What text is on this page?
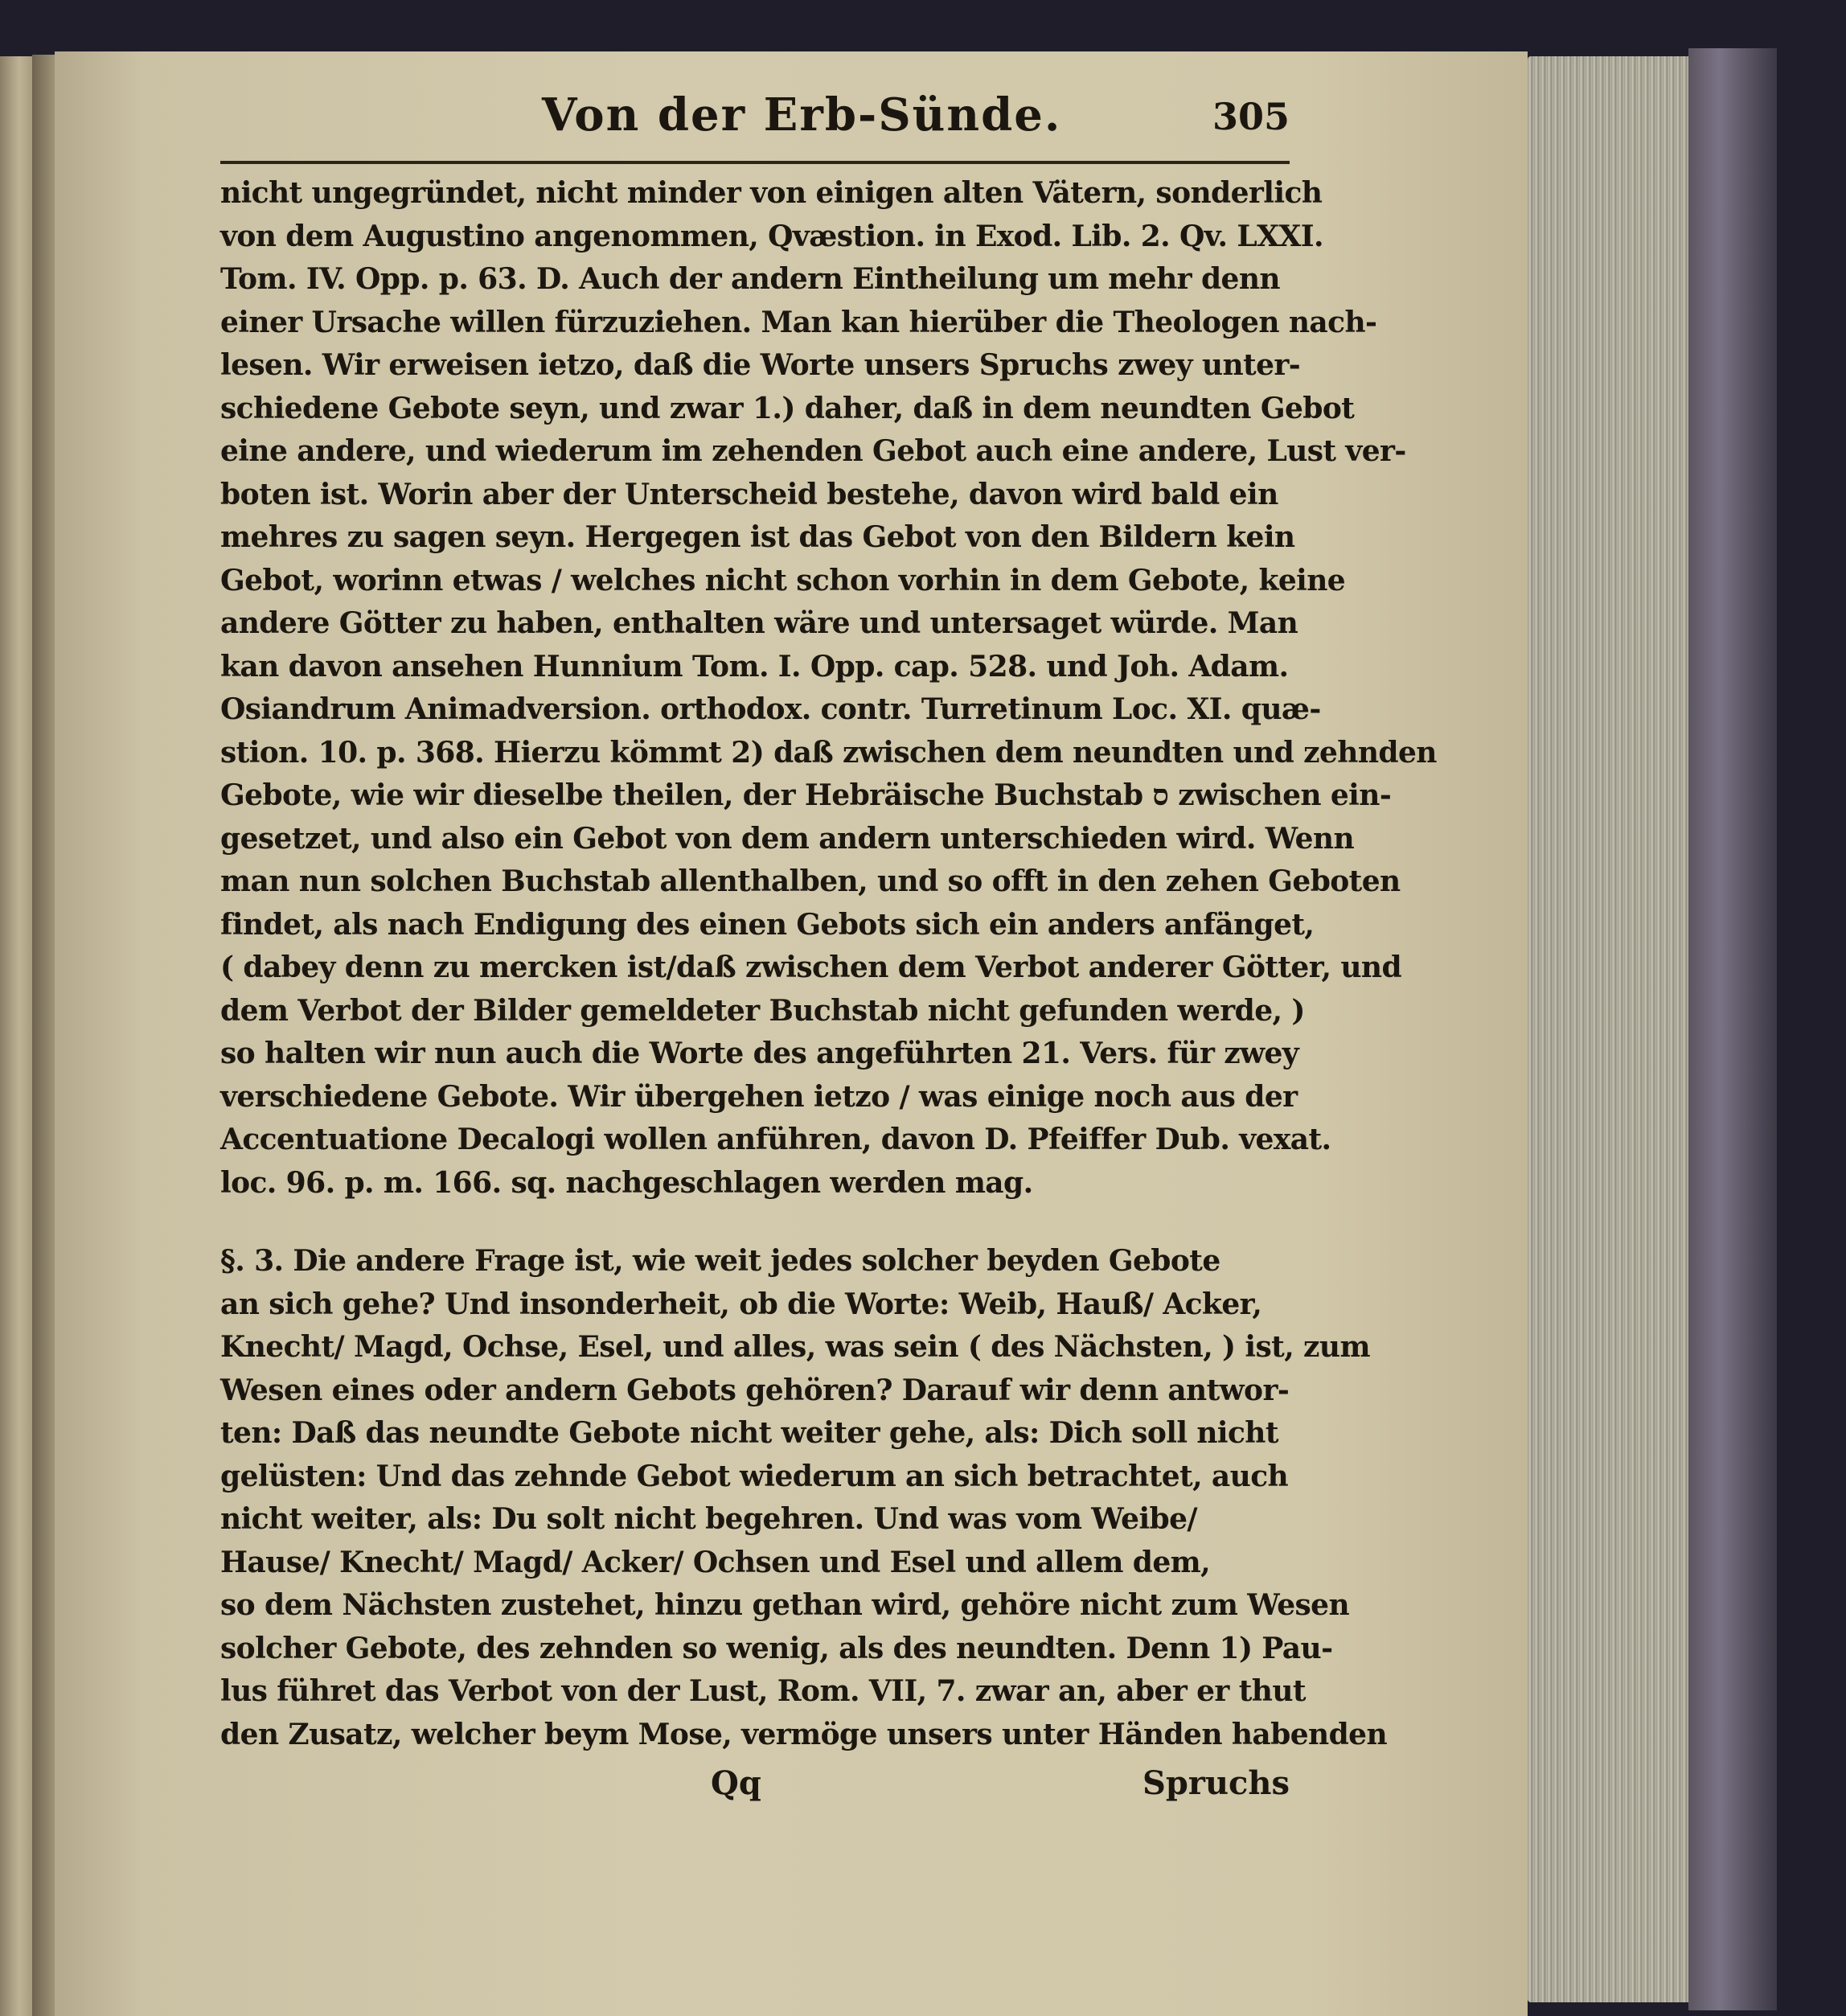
Von der Erb-Sünde.	305
nicht ungegründet, nicht minder von einigen alten Vätern, sonderlich
von dem Augustino angenommen, Qvæstion. in Exod. Lib. 2. Qv. LXXI.
Tom. IV. Opp. p. 63. D. Auch der andern Eintheilung um mehr denn
einer Ursache willen fürzuziehen. Man kan hierüber die Theologen nach-
lesen. Wir erweisen ietzo, daß die Worte unsers Spruchs zwey unter-
schiedene Gebote seyn, und zwar 1.) daher, daß in dem neundten Gebot
eine andere, und wiederum im zehenden Gebot auch eine andere, Lust ver-
boten ist. Worin aber der Unterscheid bestehe, davon wird bald ein
mehres zu sagen seyn. Hergegen ist das Gebot von den Bildern kein
Gebot, worinn etwas / welches nicht schon vorhin in dem Gebote, keine
andere Götter zu haben, enthalten wäre und untersaget würde. Man
kan davon ansehen Hunnium Tom. I. Opp. cap. 528. und Joh. Adam.
Osiandrum Animadversion. orthodox. contr. Turretinum Loc. XI. quæ-
stion. 10. p. 368. Hierzu kömmt 2) daß zwischen dem neundten und zehnden
Gebote, wie wir dieselbe theilen, der Hebräische Buchstab ס zwischen ein-
gesetzet, und also ein Gebot von dem andern unterschieden wird. Wenn
man nun solchen Buchstab allenthalben, und so offt in den zehen Geboten
findet, als nach Endigung des einen Gebots sich ein anders anfänget,
( dabey denn zu mercken ist/daß zwischen dem Verbot anderer Götter, und
dem Verbot der Bilder gemeldeter Buchstab nicht gefunden werde, )
so halten wir nun auch die Worte des angeführten 21. Vers. für zwey
verschiedene Gebote. Wir übergehen ietzo / was einige noch aus der
Accentuatione Decalogi wollen anführen, davon D. Pfeiffer Dub. vexat.
loc. 96. p. m. 166. sq. nachgeschlagen werden mag.
§. 3. Die andere Frage ist, wie weit jedes solcher beyden Gebote
an sich gehe? Und insonderheit, ob die Worte: Weib, Hauß/ Acker,
Knecht/ Magd, Ochse, Esel, und alles, was sein ( des Nächsten, ) ist, zum
Wesen eines oder andern Gebots gehören? Darauf wir denn antwor-
ten: Daß das neundte Gebote nicht weiter gehe, als: Dich soll nicht
gelüsten: Und das zehnde Gebot wiederum an sich betrachtet, auch
nicht weiter, als: Du solt nicht begehren. Und was vom Weibe/
Hause/ Knecht/ Magd/ Acker/ Ochsen und Esel und allem dem,
so dem Nächsten zustehet, hinzu gethan wird, gehöre nicht zum Wesen
solcher Gebote, des zehnden so wenig, als des neundten. Denn 1) Pau-
lus führet das Verbot von der Lust, Rom. VII, 7. zwar an, aber er thut
den Zusatz, welcher beym Mose, vermöge unsers unter Händen habenden
Qq	Spruchs
